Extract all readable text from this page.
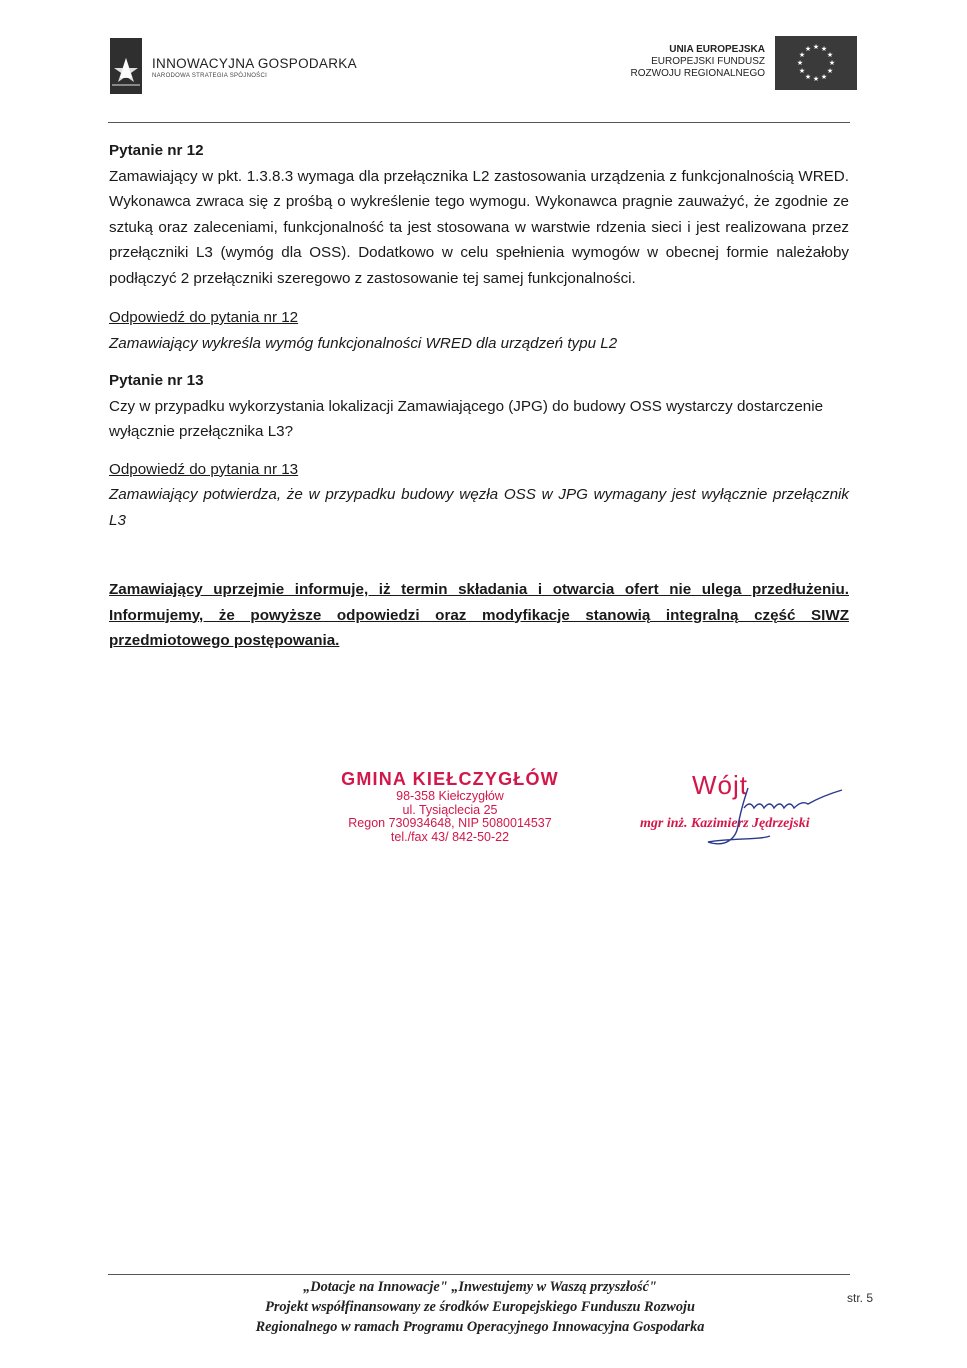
INNOWACYJNA GOSPODARKA
NARODOWA STRATEGIA SPÓJNOŚCI
UNIA EUROPEJSKA
EUROPEJSKI FUNDUSZ
ROZWOJU REGIONALNEGO
★ ★
★
★
★
★
★
★
★
★
★
★

Pytanie nr 12

Zamawiający w pkt. 1.3.8.3 wymaga dla przełącznika L2 zastosowania urządzenia z funkcjonalnością WRED. Wykonawca zwraca się z prośbą o wykreślenie tego wymogu. Wykonawca pragnie zauważyć, że zgodnie ze sztuką oraz zaleceniami, funkcjonalność ta jest stosowana w warstwie rdzenia sieci i jest realizowana przez przełączniki L3 (wymóg dla OSS). Dodatkowo w celu spełnienia wymogów w obecnej formie należałoby podłączyć 2 przełączniki szeregowo z zastosowanie tej samej funkcjonalności.

Odpowiedź do pytania nr 12

Zamawiający wykreśla wymóg funkcjonalności WRED dla urządzeń typu L2

Pytanie nr 13

Czy w przypadku wykorzystania lokalizacji Zamawiającego (JPG) do budowy OSS wystarczy dostarczenie wyłącznie przełącznika L3?

Odpowiedź do pytania nr 13

Zamawiający potwierdza, że w przypadku budowy węzła OSS w JPG wymagany jest wyłącznie przełącznik L3

Zamawiający uprzejmie informuje, iż termin składania i otwarcia ofert nie ulega przedłużeniu. Informujemy, że powyższe odpowiedzi oraz modyfikacje stanowią integralną część SIWZ przedmiotowego postępowania.

GMINA KIEŁCZYGŁÓW
98-358 Kiełczygłów
ul. Tysiąclecia 25
Regon 730934648, NIP 5080014537
tel./fax 43/ 842-50-22
Wójt
mgr inż. Kazimierz Jędrzejski
„Dotacje na Innowacje" „Inwestujemy w Waszą przyszłość"
Projekt współfinansowany ze środków Europejskiego Funduszu Rozwoju
Regionalnego w ramach Programu Operacyjnego Innowacyjna Gospodarka
str. 5
